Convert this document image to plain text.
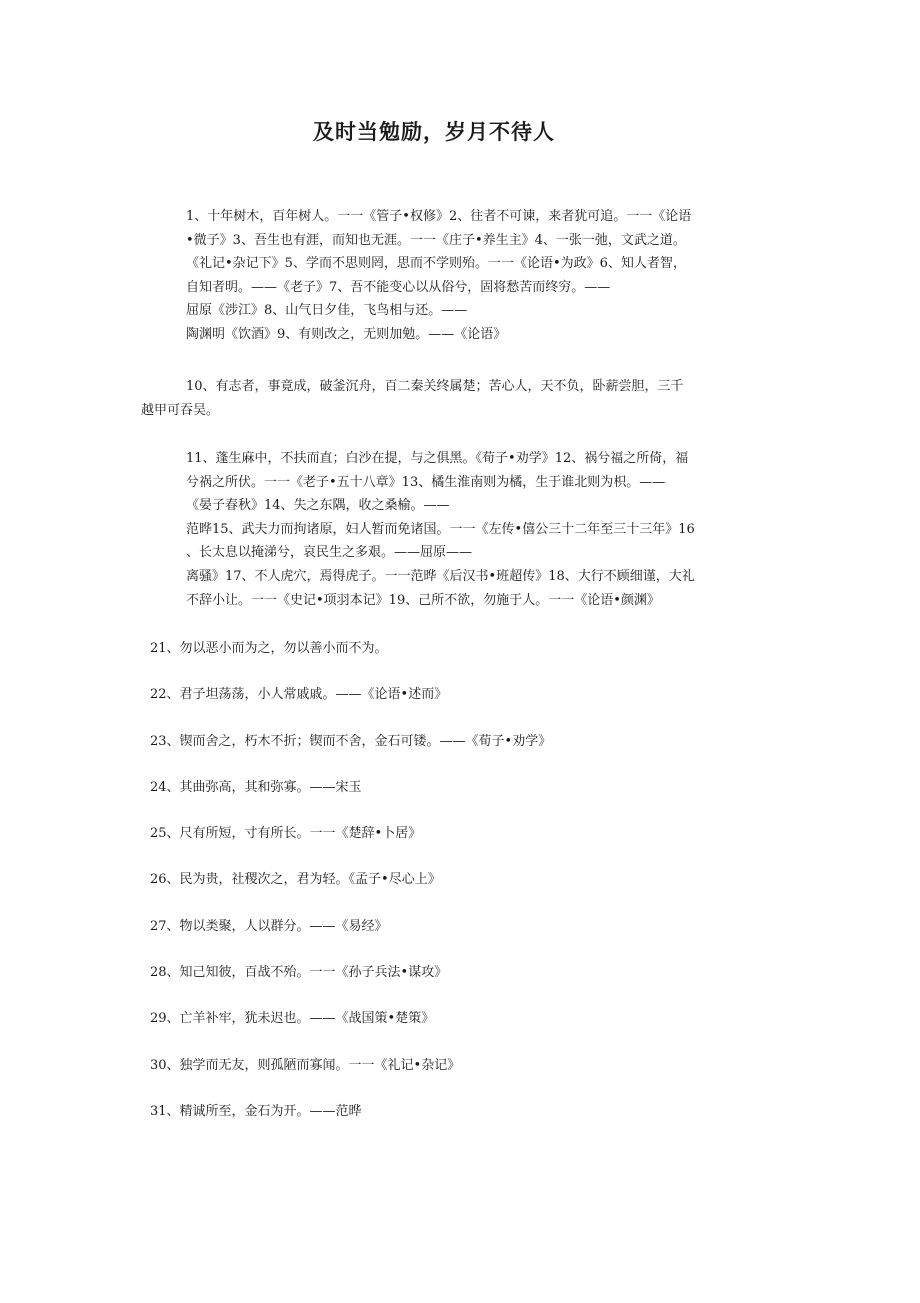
及时当勉励，岁月不待人

1、十年树木，百年树人。一一《管子•权修》2、往者不可谏，来者犹可追。一一《论语
•微子》3、吾生也有涯，而知也无涯。一一《庄子•养生主》4、一张一弛，文武之道。
《礼记•杂记下》5、学而不思则罔，思而不学则殆。一一《论语•为政》6、知人者智，
自知者明。——《老子》7、吾不能变心以从俗兮，固将愁苦而终穷。——
屈原《涉江》8、山气日夕佳，飞鸟相与还。——
陶渊明《饮酒》9、有则改之，无则加勉。——《论语》

10、有志者，事竟成，破釜沉舟，百二秦关终属楚；苦心人，天不负，卧薪尝胆，三千
越甲可吞吴。

11、蓬生麻中，不扶而直；白沙在提，与之俱黑。《荀子•劝学》12、祸兮福之所倚，福
兮祸之所伏。一一《老子•五十八章》13、橘生淮南则为橘，生于谁北则为枳。——
《晏子春秋》14、失之东隅，收之桑榆。——
范晔15、武夫力而拘诸原，妇人暂而免诸国。一一《左传•僖公三十二年至三十三年》16
、长太息以掩涕兮，哀民生之多艰。——屈原——
离骚》17、不人虎穴，焉得虎子。一一范晔《后汉书•班超传》18、大行不顾细谨，大礼
不辞小让。一一《史记•项羽本记》19、己所不欲，勿施于人。一一《论语•颜渊》

21、勿以恶小而为之，勿以善小而不为。
22、君子坦荡荡，小人常戚戚。——《论语•述而》
23、锲而舍之，朽木不折；锲而不舍，金石可镂。——《荀子•劝学》
24、其曲弥高，其和弥寡。——宋玉
25、尺有所短，寸有所长。一一《楚辞•卜居》
26、民为贵，社稷次之，君为轻。《孟子•尽心上》
27、物以类聚，人以群分。——《易经》
28、知己知彼，百战不殆。一一《孙子兵法•谋攻》
29、亡羊补牢，犹未迟也。——《战国策•楚策》
30、独学而无友，则孤陋而寡闻。一一《礼记•杂记》
31、精诚所至，金石为开。——范晔
